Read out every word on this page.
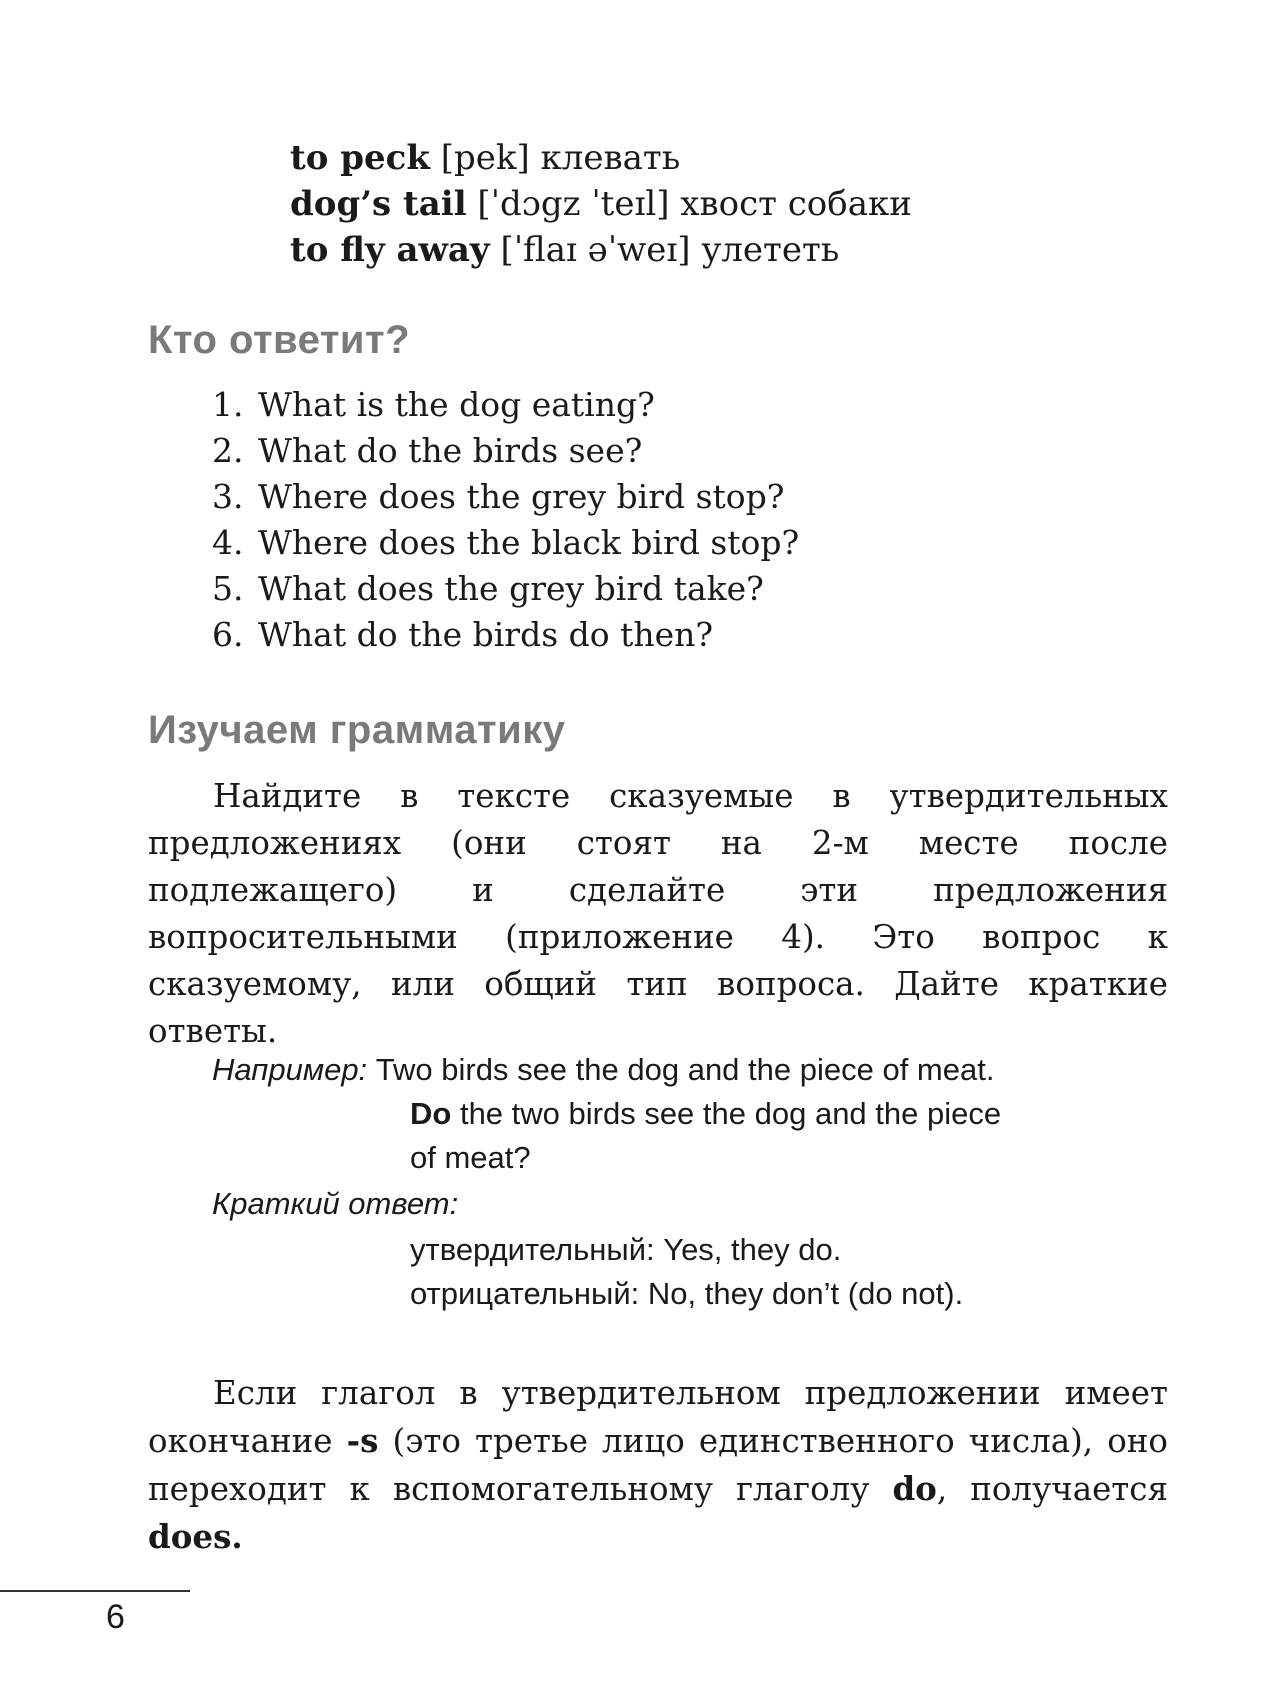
to peck [pek] клевать
dog’s tail [ˈdɔgz ˈteɪl] хвост собаки
to fly away [ˈflaɪ əˈweɪ] улететь
Кто ответит?
1. What is the dog eating?
2. What do the birds see?
3. Where does the grey bird stop?
4. Where does the black bird stop?
5. What does the grey bird take?
6. What do the birds do then?
Изучаем грамматику

Найдите в тексте сказуемые в утвердительных предложениях (они стоят на 2-м месте после подлежащего) и сделайте эти предложения вопросительными (приложение 4). Это вопрос к сказуемому, или общий тип вопроса. Дайте краткие ответы.

Например: Two birds see the dog and the piece of meat.
Do the two birds see the dog and the piece
of meat?
Краткий ответ:
утвердительный: Yes, they do.
отрицательный: No, they don’t (do not).

Если глагол в утвердительном предложении имеет окончание -s (это третье лицо единственного числа), оно переходит к вспомогательному глаголу do, получается does.

6
